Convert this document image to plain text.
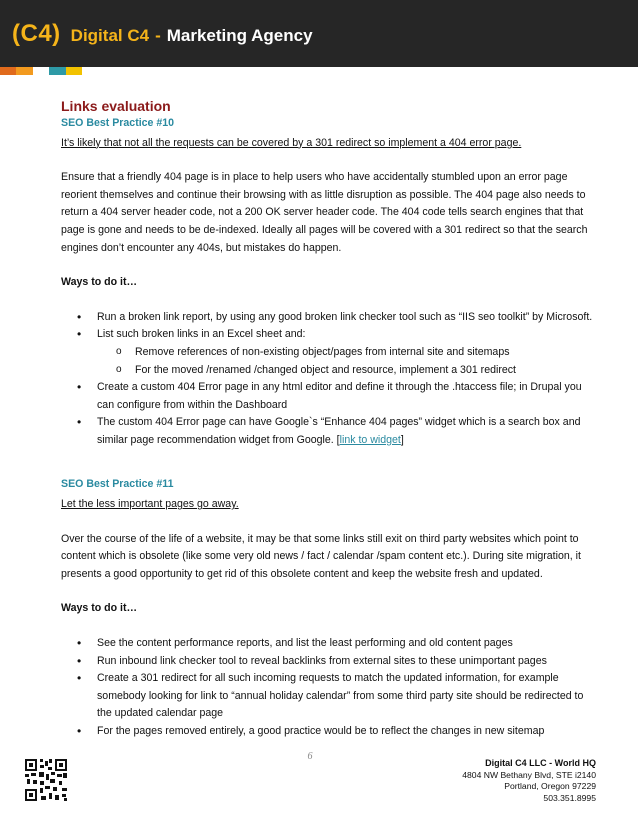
(C4) Digital C4 - Marketing Agency
Links evaluation

SEO Best Practice #10

It’s likely that not all the requests can be covered by a 301 redirect so implement a 404 error page.

Ensure that a friendly 404 page is in place to help users who have accidentally stumbled upon an error page reorient themselves and continue their browsing with as little disruption as possible. The 404 page also needs to return a 404 server header code, not a 200 OK server header code. The 404 code tells search engines that that page is gone and needs to be de-indexed. Ideally all pages will be covered with a 301 redirect so that the search engines don’t encounter any 404s, but mistakes do happen.

Ways to do it…

• Run a broken link report, by using any good broken link checker tool such as “IIS seo toolkit” by Microsoft.
• List such broken links in an Excel sheet and:
o Remove references of non-existing object/pages from internal site and sitemaps
o For the moved /renamed /changed object and resource, implement a 301 redirect
• Create a custom 404 Error page in any html editor and define it through the .htaccess file; in Drupal you can configure from within the Dashboard
• The custom 404 Error page can have Google`s “Enhance 404 pages” widget which is a search box and similar page recommendation widget from Google. [link to widget]

SEO Best Practice #11

Let the less important pages go away.

Over the course of the life of a website, it may be that some links still exit on third party websites which point to content which is obsolete (like some very old news / fact / calendar /spam content etc.). During site migration, it presents a good opportunity to get rid of this obsolete content and keep the website fresh and updated.

Ways to do it…

• See the content performance reports, and list the least performing and old content pages
• Run inbound link checker tool to reveal backlinks from external sites to these unimportant pages
• Create a 301 redirect for all such incoming requests to match the updated information, for example somebody looking for link to “annual holiday calendar” from some third party site should be redirected to the updated calendar page
• For the pages removed entirely, a good practice would be to reflect the changes in new sitemap
6
Digital C4 LLC - World HQ
4804 NW Bethany Blvd, STE i2140
Portland, Oregon 97229
503.351.8995
